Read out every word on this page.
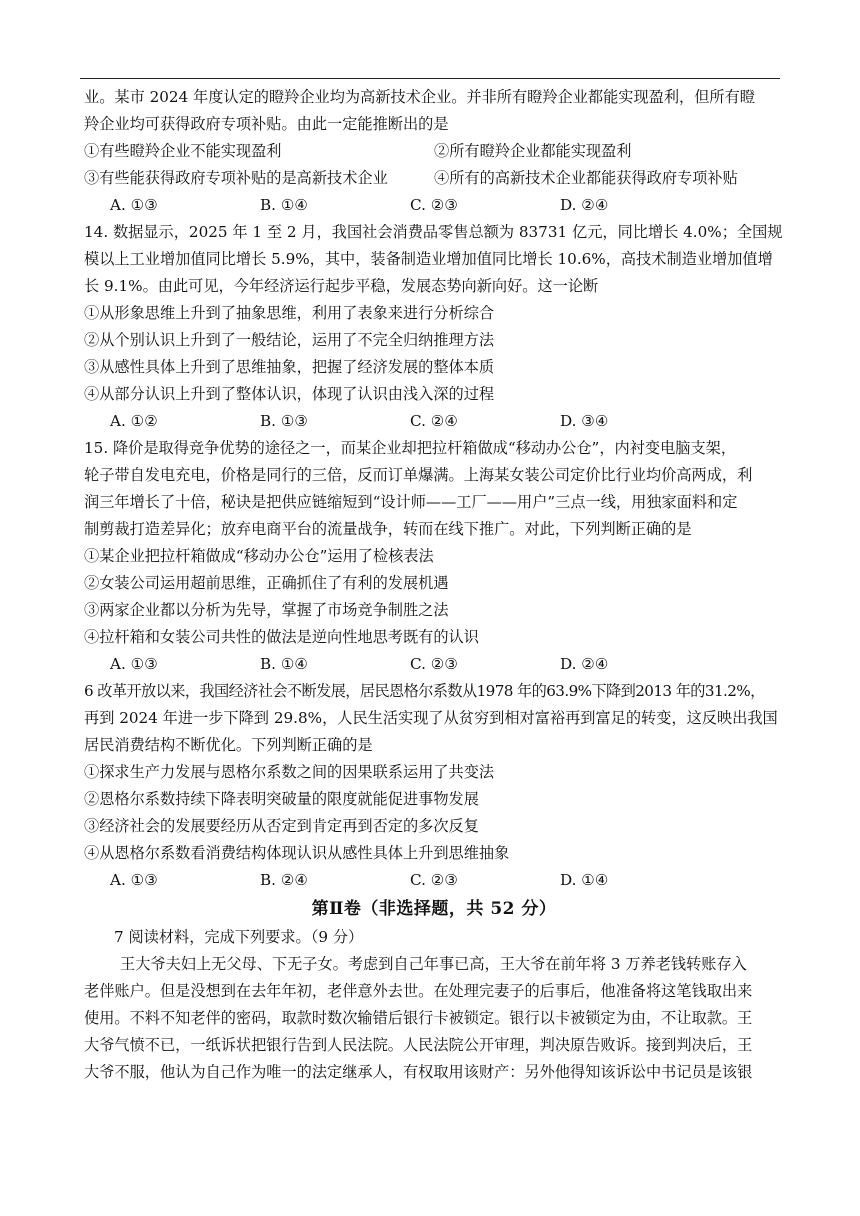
业。某市 2024 年度认定的瞪羚企业均为高新技术企业。并非所有瞪羚企业都能实现盈利，但所有瞪
羚企业均可获得政府专项补贴。由此一定能推断出的是
①有些瞪羚企业不能实现盈利	②所有瞪羚企业都能实现盈利
③有些能获得政府专项补贴的是高新技术企业	④所有的高新技术企业都能获得政府专项补贴
A. ①③	B. ①④	C. ②③	D. ②④
14. 数据显示，2025 年 1 至 2 月，我国社会消费品零售总额为 83731 亿元，同比增长 4.0%；全国规
模以上工业增加值同比增长 5.9%，其中，装备制造业增加值同比增长 10.6%，高技术制造业增加值增
长 9.1%。由此可见，今年经济运行起步平稳，发展态势向新向好。这一论断
①从形象思维上升到了抽象思维，利用了表象来进行分析综合
②从个别认识上升到了一般结论，运用了不完全归纳推理方法
③从感性具体上升到了思维抽象，把握了经济发展的整体本质
④从部分认识上升到了整体认识，体现了认识由浅入深的过程
A. ①②	B. ①③	C. ②④	D. ③④
15. 降价是取得竞争优势的途径之一，而某企业却把拉杆箱做成“移动办公仓”，内衬变电脑支架，
轮子带自发电充电，价格是同行的三倍，反而订单爆满。上海某女装公司定价比行业均价高两成，利
润三年增长了十倍，秘诀是把供应链缩短到“设计师——工厂——用户”三点一线，用独家面料和定
制剪裁打造差异化；放弃电商平台的流量战争，转而在线下推广。对此，下列判断正确的是
①某企业把拉杆箱做成“移动办公仓”运用了检核表法
②女装公司运用超前思维，正确抓住了有利的发展机遇
③两家企业都以分析为先导，掌握了市场竞争制胜之法
④拉杆箱和女装公司共性的做法是逆向性地思考既有的认识
A. ①③	B. ①④	C. ②③	D. ②④
6 改革开放以来，我国经济社会不断发展，居民恩格尔系数从1978 年的63.9%下降到2013 年的31.2%，
再到 2024 年进一步下降到 29.8%，人民生活实现了从贫穷到相对富裕再到富足的转变，这反映出我国
居民消费结构不断优化。下列判断正确的是
①探求生产力发展与恩格尔系数之间的因果联系运用了共变法
②恩格尔系数持续下降表明突破量的限度就能促进事物发展
③经济社会的发展要经历从否定到肯定再到否定的多次反复
④从恩格尔系数看消费结构体现认识从感性具体上升到思维抽象
A. ①③	B. ②④	C. ②③	D. ①④
第Ⅱ卷（非选择题，共 52 分）
7 阅读材料，完成下列要求。（9 分）
王大爷夫妇上无父母、下无子女。考虑到自己年事已高，王大爷在前年将 3 万养老钱转账存入
老伴账户。但是没想到在去年年初，老伴意外去世。在处理完妻子的后事后，他准备将这笔钱取出来
使用。不料不知老伴的密码，取款时数次输错后银行卡被锁定。银行以卡被锁定为由，不让取款。王
大爷气愤不已，一纸诉状把银行告到人民法院。人民法院公开审理，判决原告败诉。接到判决后，王
大爷不服，他认为自己作为唯一的法定继承人，有权取用该财产：另外他得知该诉讼中书记员是该银
